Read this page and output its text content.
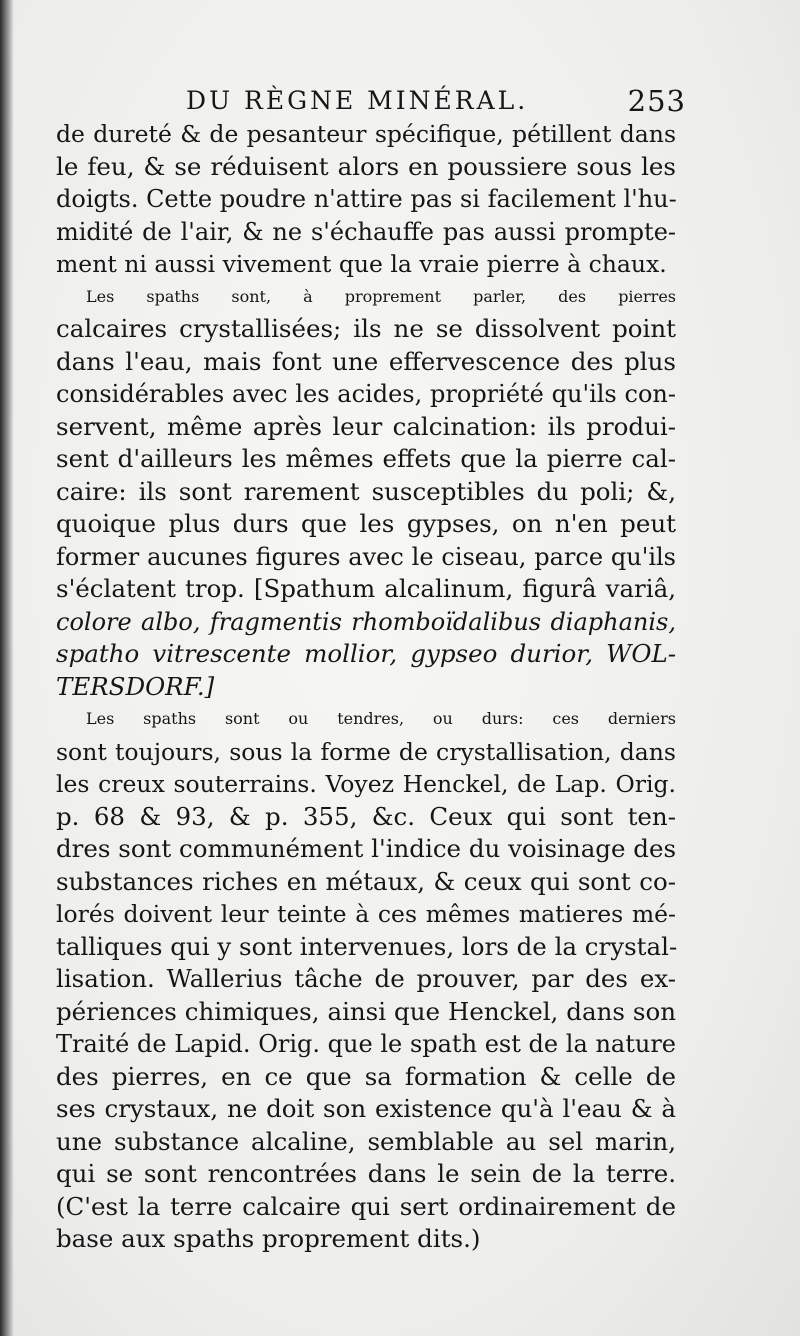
DU RÈGNE MINÉRAL.	253
de dureté & de pesanteur spécifique, pétillent dans
le feu, & se réduisent alors en poussiere sous les
doigts. Cette poudre n'attire pas si facilement l'hu-
midité de l'air, & ne s'échauffe pas aussi prompte-
ment ni aussi vivement que la vraie pierre à chaux.
Les spaths sont, à proprement parler, des pierres
calcaires crystallisées; ils ne se dissolvent point
dans l'eau, mais font une effervescence des plus
considérables avec les acides, propriété qu'ils con-
servent, même après leur calcination: ils produi-
sent d'ailleurs les mêmes effets que la pierre cal-
caire: ils sont rarement susceptibles du poli; &,
quoique plus durs que les gypses, on n'en peut
former aucunes figures avec le ciseau, parce qu'ils
s'éclatent trop. [Spathum alcalinum, figurâ variâ,
colore albo, fragmentis rhomboïdalibus diaphanis,
spatho vitrescente mollior, gypseo durior, WOL-
TERSDORF.]
Les spaths sont ou tendres, ou durs: ces derniers
sont toujours, sous la forme de crystallisation, dans
les creux souterrains. Voyez Henckel, de Lap. Orig.
p. 68 & 93, & p. 355, &c. Ceux qui sont ten-
dres sont communément l'indice du voisinage des
substances riches en métaux, & ceux qui sont co-
lorés doivent leur teinte à ces mêmes matieres mé-
talliques qui y sont intervenues, lors de la crystal-
lisation. Wallerius tâche de prouver, par des ex-
périences chimiques, ainsi que Henckel, dans son
Traité de Lapid. Orig. que le spath est de la nature
des pierres, en ce que sa formation & celle de
ses crystaux, ne doit son existence qu'à l'eau & à
une substance alcaline, semblable au sel marin,
qui se sont rencontrées dans le sein de la terre.
(C'est la terre calcaire qui sert ordinairement de
base aux spaths proprement dits.)
